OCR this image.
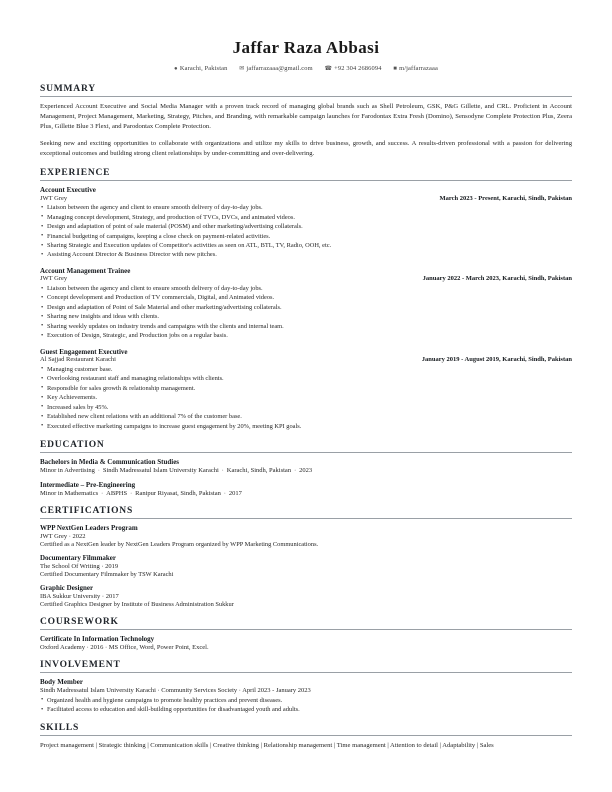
Jaffar Raza Abbasi
● Karachi, Pakistan ✉ jaffarrazaaa@gmail.com ☎ +92 304 2686094 ■ m/jaffarrazaaa
SUMMARY

Experienced Account Executive and Social Media Manager with a proven track record of managing global brands such as Shell Petroleum, GSK, P&G Gillette, and CRL. Proficient in Account Management, Project Management, Marketing, Strategy, Pitches, and Branding, with remarkable campaign launches for Farodontax Extra Fresh (Domino), Sensodyne Complete Protection Plus, Zeera Plus, Gillette Blue 3 Flexi, and Parodontax Complete Protection.

Seeking new and exciting opportunities to collaborate with organizations and utilize my skills to drive business, growth, and success. A results-driven professional with a passion for delivering exceptional outcomes and building strong client relationships by under-committing and over-delivering.

EXPERIENCE
Account Executive
JWT Grey	March 2023 - Present, Karachi, Sindh, Pakistan
• Liaison between the agency and client to ensure smooth delivery of day-to-day jobs.
• Managing concept development, Strategy, and production of TVCs, DVCs, and animated videos.
• Design and adaptation of point of sale material (POSM) and other marketing/advertising collaterals.
• Financial budgeting of campaigns, keeping a close check on payment-related activities.
• Sharing Strategic and Execution updates of Competitor's activities as seen on ATL, BTL, TV, Radio, OOH, etc.
• Assisting Account Director & Business Director with new pitches.
Account Management Trainee
JWT Grey	January 2022 - March 2023, Karachi, Sindh, Pakistan
• Liaison between the agency and client to ensure smooth delivery of day-to-day jobs.
• Concept development and Production of TV commercials, Digital, and Animated videos.
• Design and adaptation of Point of Sale Material and other marketing/advertising collaterals.
• Sharing new insights and ideas with clients.
• Sharing weekly updates on industry trends and campaigns with the clients and internal team.
• Execution of Design, Strategic, and Production jobs on a regular basis.
Guest Engagement Executive
Al Sajjad Restaurant Karachi	January 2019 - August 2019, Karachi, Sindh, Pakistan
• Managing customer base.
• Overlooking restaurant staff and managing relationships with clients.
• Responsible for sales growth & relationship management.
• Key Achievements.
• Increased sales by 45%.
• Established new client relations with an additional 7% of the customer base.
• Executed effective marketing campaigns to increase guest engagement by 20%, meeting KPI goals.
EDUCATION
Bachelors in Media & Communication Studies
Minor in Advertising · Sindh Madressatul Islam University Karachi · Karachi, Sindh, Pakistan · 2023
Intermediate – Pre-Engineering
Minor in Mathematics · ABPHS · Ranipur Riyasat, Sindh, Pakistan · 2017
CERTIFICATIONS
WPP NextGen Leaders Program
JWT Grey · 2022
Certified as a NextGen leader by NextGen Leaders Program organized by WPP Marketing Communications.
Documentary Filmmaker
The School Of Writing · 2019
Certified Documentary Filmmaker by TSW Karachi
Graphic Designer
IBA Sukkur University · 2017
Certified Graphics Designer by Institute of Business Administration Sukkur
COURSEWORK
Certificate In Information Technology
Oxford Academy · 2016 · MS Office, Word, Power Point, Excel.
INVOLVEMENT
Body Member
Sindh Madressatul Islam University Karachi · Community Services Society · April 2023 - January 2023
• Organized health and hygiene campaigns to promote healthy practices and prevent diseases.
• Facilitated access to education and skill-building opportunities for disadvantaged youth and adults.
SKILLS
Project management | Strategic thinking | Communication skills | Creative thinking | Relationship management | Time management | Attention to detail | Adaptability | Sales
